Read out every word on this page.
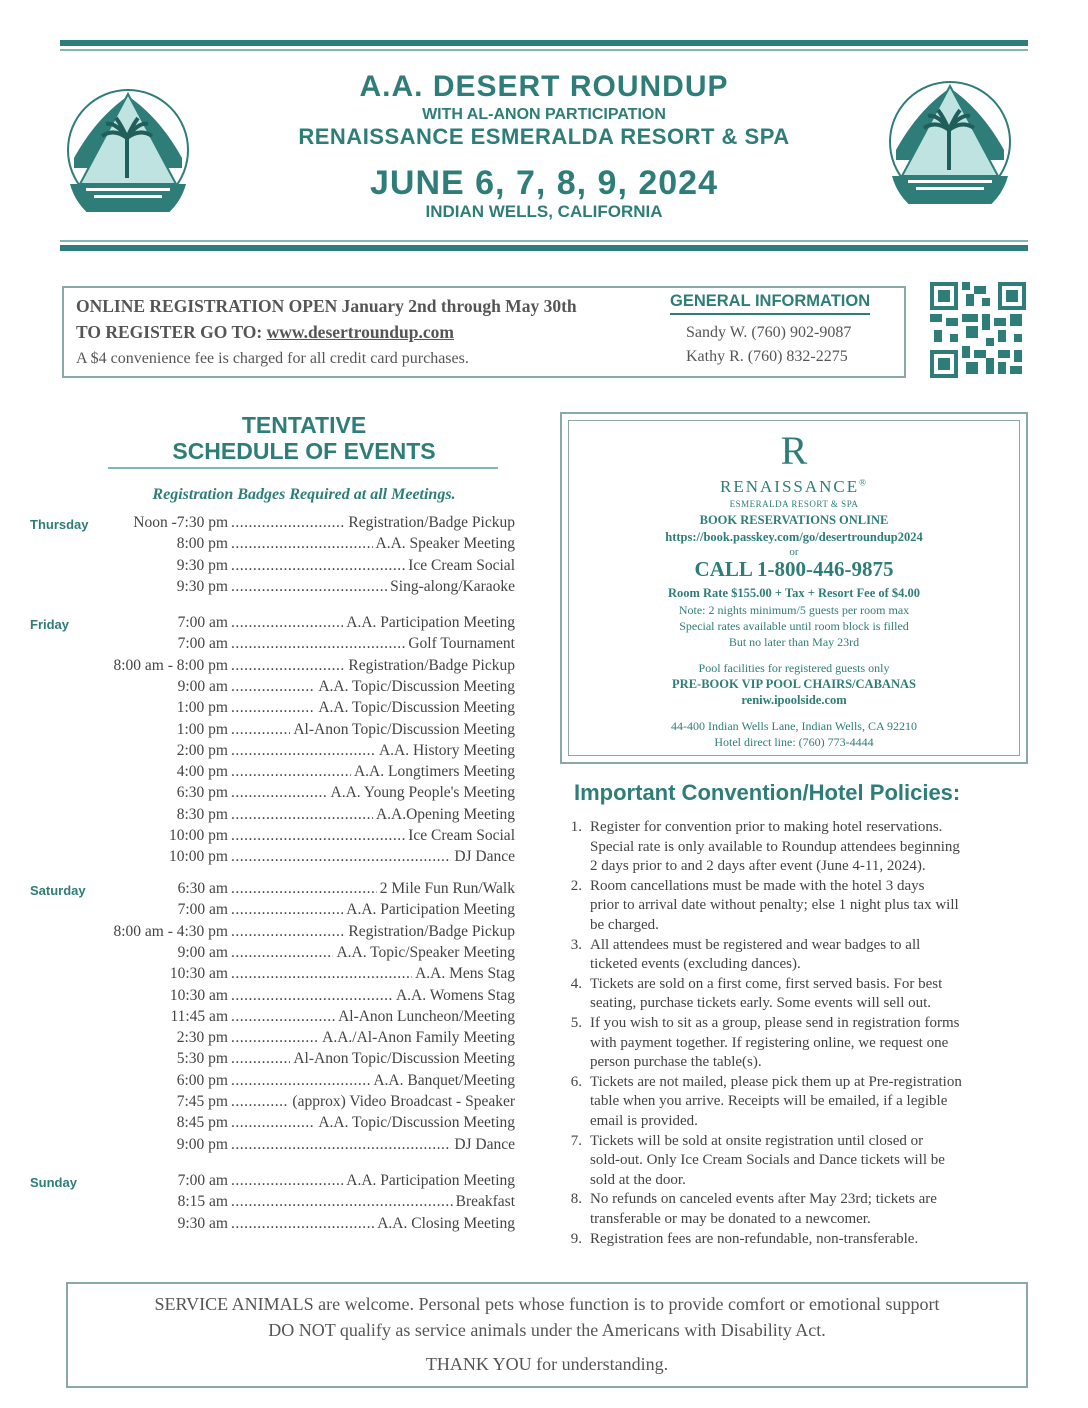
A.A. DESERT ROUNDUP
WITH AL-ANON PARTICIPATION
RENAISSANCE ESMERALDA RESORT & SPA
JUNE 6, 7, 8, 9, 2024
INDIAN WELLS, CALIFORNIA
ONLINE REGISTRATION OPEN January 2nd through May 30th
TO REGISTER GO TO: www.desertroundup.com
A $4 convenience fee is charged for all credit card purchases.
GENERAL INFORMATION
Sandy W. (760) 902-9087
Kathy R. (760) 832-2275
TENTATIVE
SCHEDULE OF EVENTS
Registration Badges Required at all Meetings.
Thursday	Noon -7:30 pm .....	Registration/Badge Pickup
8:00 pm .....	A.A. Speaker Meeting
9:30 pm .....	Ice Cream Social
9:30 pm .....	Sing-along/Karaoke
Friday	7:00 am .....	A.A. Participation Meeting
7:00 am .....	Golf Tournament
8:00 am - 8:00 pm .....	Registration/Badge Pickup
9:00 am .....	A.A. Topic/Discussion Meeting
1:00 pm .....	A.A. Topic/Discussion Meeting
1:00 pm .....	Al-Anon Topic/Discussion Meeting
2:00 pm .....	A.A. History Meeting
4:00 pm .....	A.A. Longtimers Meeting
6:30 pm .....	A.A. Young People's Meeting
8:30 pm .....	A.A.Opening Meeting
10:00 pm .....	Ice Cream Social
10:00 pm .....	DJ Dance
Saturday	6:30 am .....	2 Mile Fun Run/Walk
7:00 am .....	A.A. Participation Meeting
8:00 am - 4:30 pm .....	Registration/Badge Pickup
9:00 am .....	A.A. Topic/Speaker Meeting
10:30 am .....	A.A. Mens Stag
10:30 am .....	A.A. Womens Stag
11:45 am .....	Al-Anon Luncheon/Meeting
2:30 pm .....	A.A./Al-Anon Family Meeting
5:30 pm .....	Al-Anon Topic/Discussion Meeting
6:00 pm .....	A.A. Banquet/Meeting
7:45 pm .....	(approx) Video Broadcast - Speaker
8:45 pm .....	A.A. Topic/Discussion Meeting
9:00 pm .....	DJ Dance
Sunday	7:00 am .....	A.A. Participation Meeting
8:15 am .....	Breakfast
9:30 am .....	A.A. Closing Meeting
R
RENAISSANCE®
ESMERALDA RESORT & SPA
BOOK RESERVATIONS ONLINE
https://book.passkey.com/go/desertroundup2024
or
CALL 1-800-446-9875
Room Rate $155.00 + Tax + Resort Fee of $4.00
Note: 2 nights minimum/5 guests per room max
Special rates available until room block is filled
But no later than May 23rd
Pool facilities for registered guests only
PRE-BOOK VIP POOL CHAIRS/CABANAS
reniw.ipoolside.com
44-400 Indian Wells Lane, Indian Wells, CA 92210
Hotel direct line: (760) 773-4444
Important Convention/Hotel Policies:
1. Register for convention prior to making hotel reservations.
Special rate is only available to Roundup attendees beginning
2 days prior to and 2 days after event (June 4-11, 2024).
2. Room cancellations must be made with the hotel 3 days
prior to arrival date without penalty; else 1 night plus tax will
be charged.
3. All attendees must be registered and wear badges to all
ticketed events (excluding dances).
4. Tickets are sold on a first come, first served basis. For best
seating, purchase tickets early. Some events will sell out.
5. If you wish to sit as a group, please send in registration forms
with payment together. If registering online, we request one
person purchase the table(s).
6. Tickets are not mailed, please pick them up at Pre-registration
table when you arrive. Receipts will be emailed, if a legible
email is provided.
7. Tickets will be sold at onsite registration until closed or
sold-out. Only Ice Cream Socials and Dance tickets will be
sold at the door.
8. No refunds on canceled events after May 23rd; tickets are
transferable or may be donated to a newcomer.
9. Registration fees are non-refundable, non-transferable.
SERVICE ANIMALS are welcome. Personal pets whose function is to provide comfort or emotional support
DO NOT qualify as service animals under the Americans with Disability Act.
THANK YOU for understanding.
